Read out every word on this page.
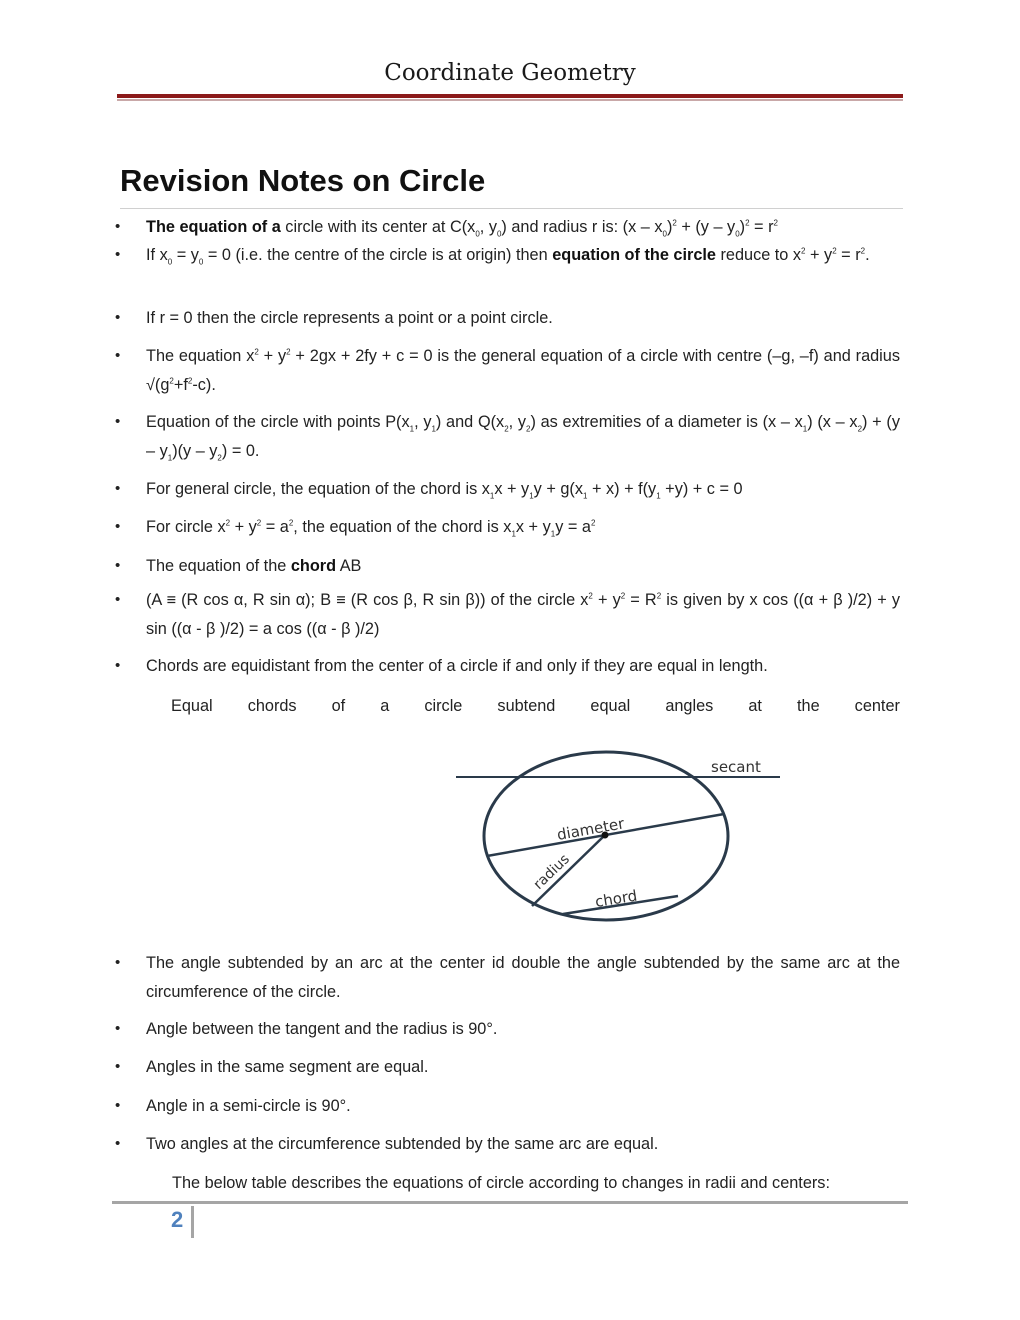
Coordinate Geometry
Revision Notes on Circle
• The equation of a circle with its center at $C(x_0$, $y_0$) and radius r is: $(x - x_0)^2 + (y - y_0)^2 = r^2$
• If $x_0 = y_0 = 0$ (i.e. the centre of the circle is at origin) then equation of the circle reduce to $x^2 + y^2 = r^2$.
• If r = 0 then the circle represents a point or a point circle.
• The equation $x^2 + y^2 + 2gx + 2fy + c = 0$ is the general equation of a circle with centre (–g, –f) and radius $√(g^2+f^2-c)$.
• Equation of the circle with points $P(x_1$, $y_1$) and $Q(x_2$, $y_2$) as extremities of a diameter is $(x - x_1)$ $(x - x_2) + (y - y_1)(y - y_2) = 0$.
• For general circle, the equation of the chord is $x_1x + y_1y + g(x_1 + x) + f(y_1 +y) + c = 0$
• For circle $x^2 + y^2 = a^2$, the equation of the chord is $x_1x + y_1y = a^2$
• The equation of the chord AB
• (A ≡ (R cos α, R sin α); B ≡ (R cos β, R sin β)) of the circle $x^2 + y^2 = R^2$ is given by x cos ((α + β )/2) + y sin ((α - β )/2) = a cos ((α - β )/2)
• Chords are equidistant from the center of a circle if and only if they are equal in length.
Equal chords of a circle subtend equal angles at the center
secant
diameter
radius
chord
• The angle subtended by an arc at the center id double the angle subtended by the same arc at the circumference of the circle.
• Angle between the tangent and the radius is 90°.
• Angles in the same segment are equal.
• Angle in a semi-circle is 90°.
• Two angles at the circumference subtended by the same arc are equal.
The below table describes the equations of circle according to changes in radii and centers:
2
